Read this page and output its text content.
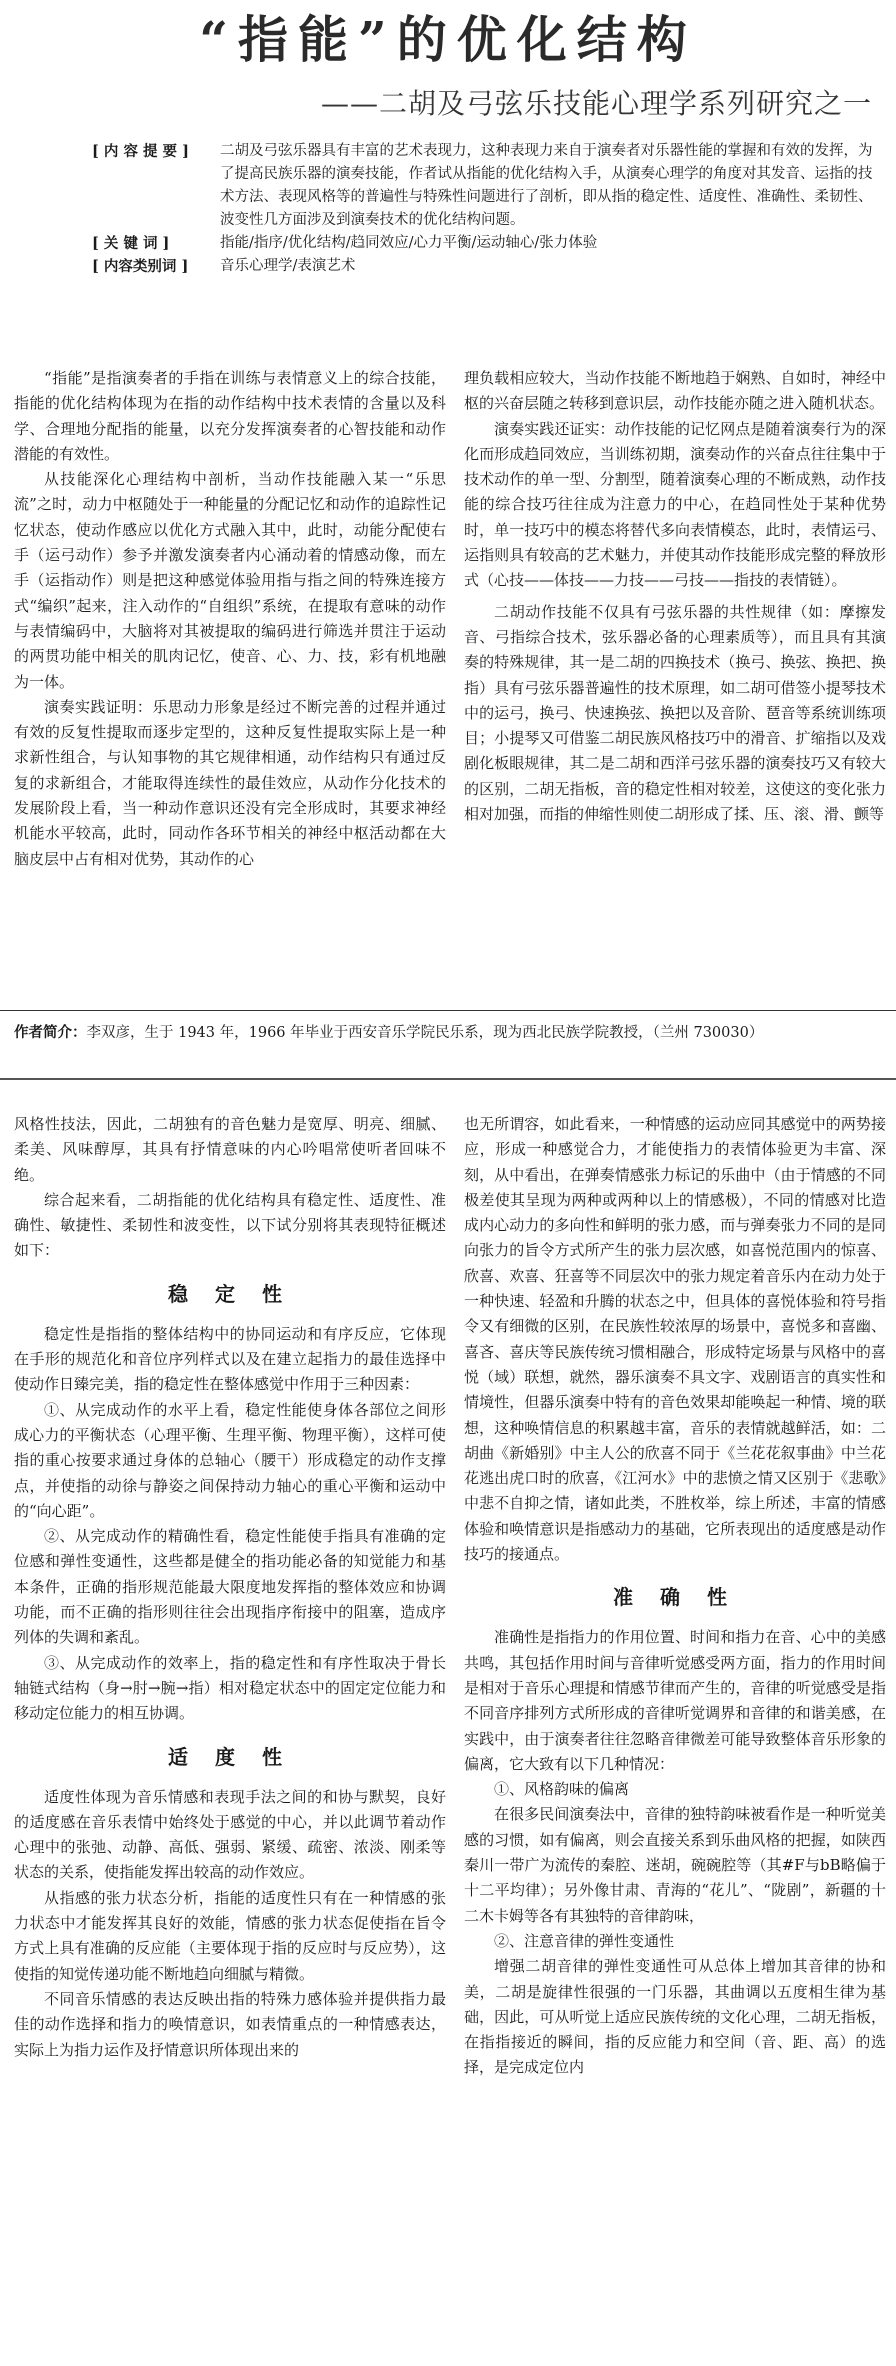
“指能”的优化结构
——二胡及弓弦乐技能心理学系列研究之一
[ 内 容 提 要 ]	二胡及弓弦乐器具有丰富的艺术表现力，这种表现力来自于演奏者对乐器性能的掌握和有效的发挥，为了提高民族乐器的演奏技能，作者试从指能的优化结构入手，从演奏心理学的角度对其发音、运指的技术方法、表现风格等的普遍性与特殊性问题进行了剖析，即从指的稳定性、适度性、准确性、柔韧性、波变性几方面涉及到演奏技术的优化结构问题。
[ 关 键 词 ]	指能/指序/优化结构/趋同效应/心力平衡/运动轴心/张力体验
[ 内容类别词 ]	音乐心理学/表演艺术

“指能”是指演奏者的手指在训练与表情意义上的综合技能，指能的优化结构体现为在指的动作结构中技术表情的含量以及科学、合理地分配指的能量，以充分发挥演奏者的心智技能和动作潜能的有效性。

从技能深化心理结构中剖析，当动作技能融入某一“乐思流”之时，动力中枢随处于一种能量的分配记忆和动作的追踪性记忆状态，使动作感应以优化方式融入其中，此时，动能分配使右手（运弓动作）参予并激发演奏者内心涌动着的情感动像，而左手（运指动作）则是把这种感觉体验用指与指之间的特殊连接方式“编织”起来，注入动作的“自组织”系统，在提取有意味的动作与表情编码中，大脑将对其被提取的编码进行筛选并贯注于运动的两贯功能中相关的肌肉记忆，使音、心、力、技，彩有机地融为一体。

演奏实践证明：乐思动力形象是经过不断完善的过程并通过有效的反复性提取而逐步定型的，这种反复性提取实际上是一种求新性组合，与认知事物的其它规律相通，动作结构只有通过反复的求新组合，才能取得连续性的最佳效应，从动作分化技术的发展阶段上看，当一种动作意识还没有完全形成时，其要求神经机能水平较高，此时，同动作各环节相关的神经中枢活动都在大脑皮层中占有相对优势，其动作的心

理负载相应较大，当动作技能不断地趋于娴熟、自如时，神经中枢的兴奋层随之转移到意识层，动作技能亦随之进入随机状态。

演奏实践还证实：动作技能的记忆网点是随着演奏行为的深化而形成趋同效应，当训练初期，演奏动作的兴奋点往往集中于技术动作的单一型、分割型，随着演奏心理的不断成熟，动作技能的综合技巧往往成为注意力的中心，在趋同性处于某种优势时，单一技巧中的模态将替代多向表情模态，此时，表情运弓、运指则具有较高的艺术魅力，并使其动作技能形成完整的释放形式（心技——体技——力技——弓技——指技的表情链）。

二胡动作技能不仅具有弓弦乐器的共性规律（如：摩擦发音、弓指综合技术，弦乐器必备的心理素质等），而且具有其演奏的特殊规律，其一是二胡的四换技术（换弓、换弦、换把、换指）具有弓弦乐器普遍性的技术原理，如二胡可借签小提琴技术中的运弓，换弓、快速换弦、换把以及音阶、琶音等系统训练项目；小提琴又可借鉴二胡民族风格技巧中的滑音、扩缩指以及戏剧化板眼规律，其二是二胡和西洋弓弦乐器的演奏技巧又有较大的区别，二胡无指板，音的稳定性相对较差，这使这的变化张力相对加强，而指的伸缩性则使二胡形成了揉、压、滚、滑、颤等

作者简介：李双彦，生于 1943 年，1966 年毕业于西安音乐学院民乐系，现为西北民族学院教授，（兰州 730030）

风格性技法，因此，二胡独有的音色魅力是宽厚、明亮、细腻、柔美、风味醇厚，其具有抒情意味的内心吟唱常使听者回味不绝。

综合起来看，二胡指能的优化结构具有稳定性、适度性、准确性、敏捷性、柔韧性和波变性，以下试分别将其表现特征概述如下：

稳 定 性

稳定性是指指的整体结构中的协同运动和有序反应，它体现在手形的规范化和音位序列样式以及在建立起指力的最佳选择中使动作日臻完美，指的稳定性在整体感觉中作用于三种因素：

①、从完成动作的水平上看，稳定性能使身体各部位之间形成心力的平衡状态（心理平衡、生理平衡、物理平衡），这样可使指的重心按要求通过身体的总轴心（腰干）形成稳定的动作支撑点，并使指的动徐与静姿之间保持动力轴心的重心平衡和运动中的“向心距”。

②、从完成动作的精确性看，稳定性能使手指具有准确的定位感和弹性变通性，这些都是健全的指功能必备的知觉能力和基本条件，正确的指形规范能最大限度地发挥指的整体效应和协调功能，而不正确的指形则往往会出现指序衔接中的阻塞，造成序列体的失调和紊乱。

③、从完成动作的效率上，指的稳定性和有序性取决于骨长轴链式结构（身→肘→腕→指）相对稳定状态中的固定定位能力和移动定位能力的相互协调。

适 度 性

适度性体现为音乐情感和表现手法之间的和协与默契，良好的适度感在音乐表情中始终处于感觉的中心，并以此调节着动作心理中的张弛、动静、高低、强弱、紧缓、疏密、浓淡、刚柔等状态的关系，使指能发挥出较高的动作效应。

从指感的张力状态分析，指能的适度性只有在一种情感的张力状态中才能发挥其良好的效能，情感的张力状态促使指在旨令方式上具有准确的反应能（主要体现于指的反应时与反应势），这使指的知觉传递功能不断地趋向细腻与精微。

不同音乐情感的表达反映出指的特殊力感体验并提供指力最佳的动作选择和指力的唤情意识，如表情重点的一种情感表达，实际上为指力运作及抒情意识所体现出来的

也无所谓容，如此看来，一种情感的运动应同其感觉中的两势接应，形成一种感觉合力，才能使指力的表情体验更为丰富、深刻，从中看出，在弹奏情感张力标记的乐曲中（由于情感的不同极差使其呈现为两种或两种以上的情感极），不同的情感对比造成内心动力的多向性和鲜明的张力感，而与弹奏张力不同的是同向张力的旨令方式所产生的张力层次感，如喜悦范围内的惊喜、欣喜、欢喜、狂喜等不同层次中的张力规定着音乐内在动力处于一种快速、轻盈和升腾的状态之中，但具体的喜悦体验和符号指令又有细微的区别，在民族性较浓厚的场景中，喜悦多和喜幽、喜吝、喜庆等民族传统习惯相融合，形成特定场景与风格中的喜悦（域）联想，就然，器乐演奏不具文字、戏剧语言的真实性和情境性，但器乐演奏中特有的音色效果却能唤起一种情、境的联想，这种唤情信息的积累越丰富，音乐的表情就越鲜活，如：二胡曲《新婚别》中主人公的欣喜不同于《兰花花叙事曲》中兰花花逃出虎口时的欣喜，《江河水》中的悲愤之情又区别于《悲歌》中悲不自抑之情，诸如此类，不胜枚举，综上所述，丰富的情感体验和唤情意识是指感动力的基础，它所表现出的适度感是动作技巧的接通点。

准 确 性

准确性是指指力的作用位置、时间和指力在音、心中的美感共鸣，其包括作用时间与音律听觉感受两方面，指力的作用时间是相对于音乐心理提和情感节律而产生的，音律的听觉感受是指不同音序排列方式所形成的音律听觉调界和音律的和谐美感，在实践中，由于演奏者往往忽略音律微差可能导致整体音乐形象的偏离，它大致有以下几种情况：

①、风格韵味的偏离

在很多民间演奏法中，音律的独特韵味被看作是一种听觉美感的习惯，如有偏离，则会直接关系到乐曲风格的把握，如陕西秦川一带广为流传的秦腔、迷胡，碗碗腔等（其#F与bB略偏于十二平均律）；另外像甘肃、青海的“花儿”、“陇剧”，新疆的十二木卡姆等各有其独特的音律韵味，

②、注意音律的弹性变通性

增强二胡音律的弹性变通性可从总体上增加其音律的协和美，二胡是旋律性很强的一门乐器，其曲调以五度相生律为基础，因此，可从听觉上适应民族传统的文化心理，二胡无指板，在指指接近的瞬间，指的反应能力和空间（音、距、高）的选择，是完成定位内
